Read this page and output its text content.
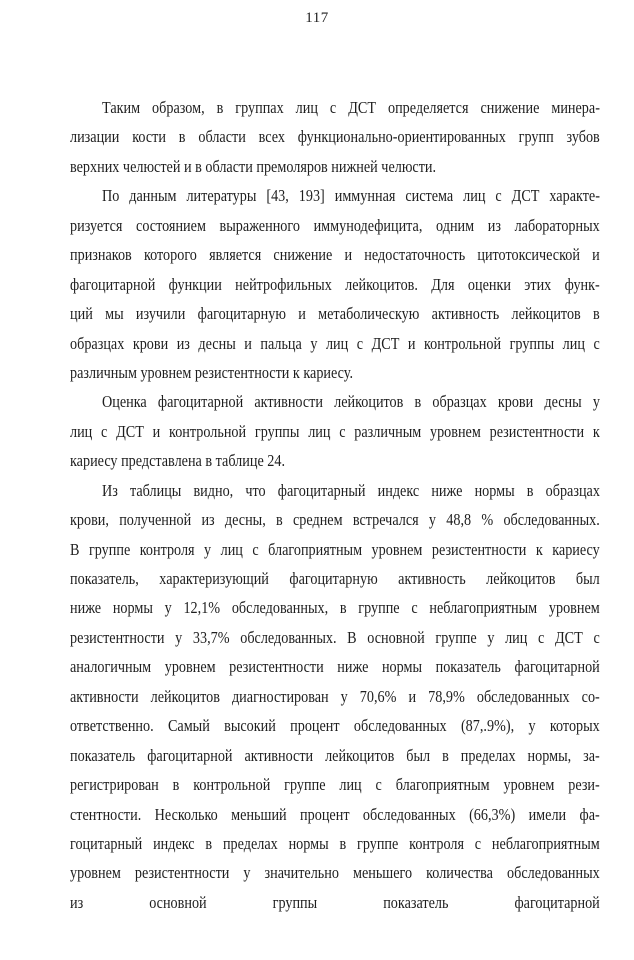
117
Таким образом, в группах лиц с ДСТ определяется снижение минера-
лизации кости в области всех функционально-ориентированных групп зубов
верхних челюстей и в области премоляров нижней челюсти.
По данным литературы [43, 193] иммунная система лиц с ДСТ характе-
ризуется состоянием выраженного иммунодефицита, одним из лабораторных
признаков которого является снижение и недостаточность цитотоксической и
фагоцитарной функции нейтрофильных лейкоцитов. Для оценки этих функ-
ций мы изучили фагоцитарную и метаболическую активность лейкоцитов в
образцах крови из десны и пальца у лиц с ДСТ и контрольной группы лиц с
различным уровнем резистентности к кариесу.
Оценка фагоцитарной активности лейкоцитов в образцах крови десны у
лиц с ДСТ и контрольной группы лиц с различным уровнем резистентности к
кариесу представлена в таблице 24.
Из таблицы видно, что фагоцитарный индекс ниже нормы в образцах
крови, полученной из десны, в среднем встречался у 48,8 % обследованных.
В группе контроля у лиц с благоприятным уровнем резистентности к кариесу
показатель, характеризующий фагоцитарную активность лейкоцитов был
ниже нормы у 12,1% обследованных, в группе с неблагоприятным уровнем
резистентности у 33,7% обследованных. В основной группе у лиц с ДСТ с
аналогичным уровнем резистентности ниже нормы показатель фагоцитарной
активности лейкоцитов диагностирован у 70,6% и 78,9% обследованных со-
ответственно. Самый высокий процент обследованных (87,.9%), у которых
показатель фагоцитарной активности лейкоцитов был в пределах нормы, за-
регистрирован в контрольной группе лиц с благоприятным уровнем рези-
стентности. Несколько меньший процент обследованных (66,3%) имели фа-
гоцитарный индекс в пределах нормы в группе контроля с неблагоприятным
уровнем резистентности у значительно меньшего количества обследованных
из основной группы показатель фагоцитарной
